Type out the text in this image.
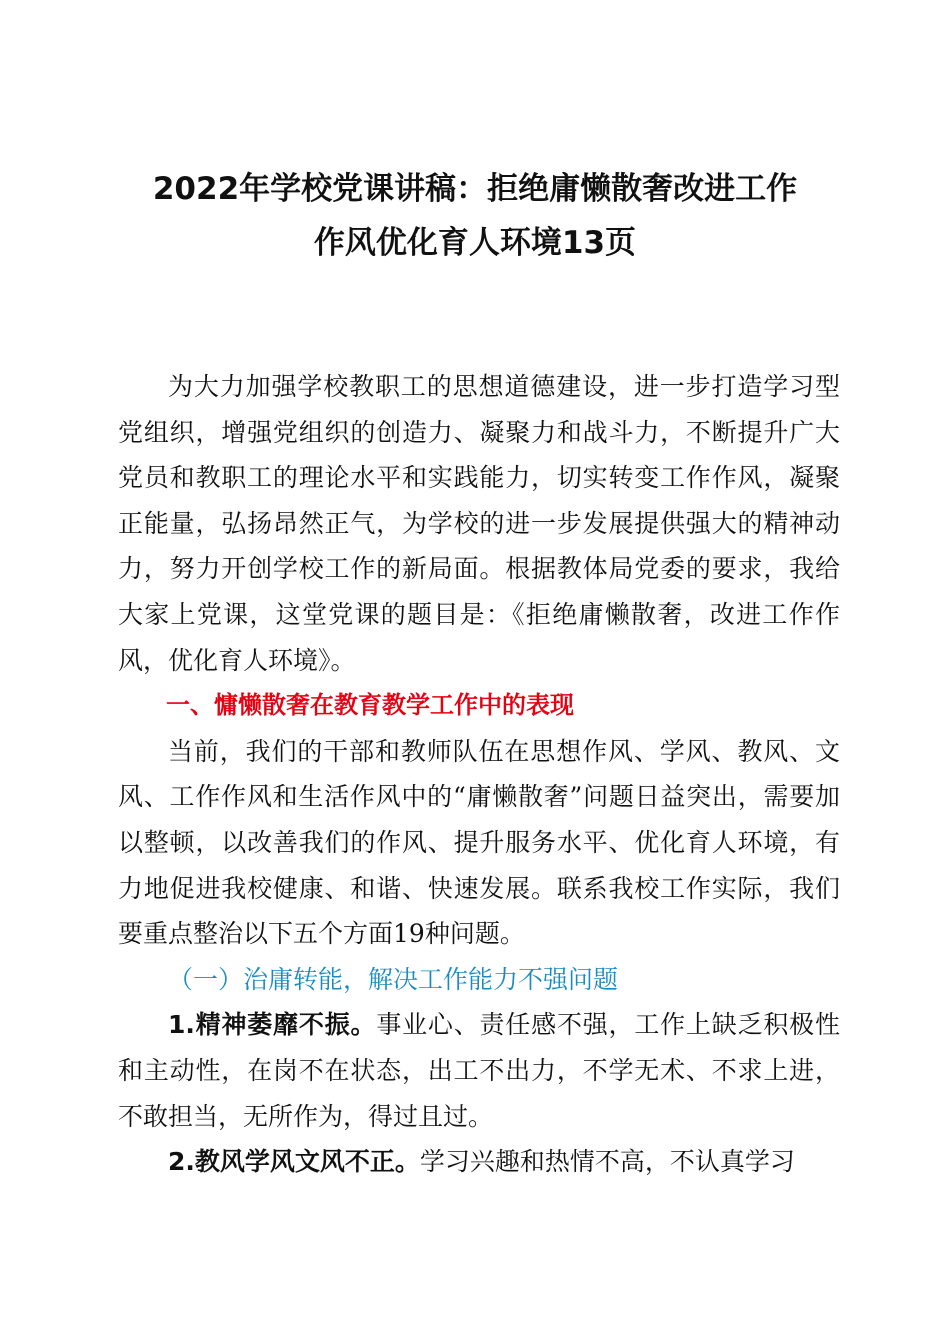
2022年学校党课讲稿：拒绝庸懒散奢改进工作
作风优化育人环境13页

为大力加强学校教职工的思想道德建设，进一步打造学习型党组织，增强党组织的创造力、凝聚力和战斗力，不断提升广大党员和教职工的理论水平和实践能力，切实转变工作作风，凝聚正能量，弘扬昂然正气，为学校的进一步发展提供强大的精神动力，努力开创学校工作的新局面。根据教体局党委的要求，我给大家上党课，这堂党课的题目是：《拒绝庸懒散奢，改进工作作风，优化育人环境》。

一、慵懒散奢在教育教学工作中的表现

当前，我们的干部和教师队伍在思想作风、学风、教风、文风、工作作风和生活作风中的“庸懒散奢”问题日益突出，需要加以整顿，以改善我们的作风、提升服务水平、优化育人环境，有力地促进我校健康、和谐、快速发展。联系我校工作实际，我们要重点整治以下五个方面19种问题。

（一）治庸转能，解决工作能力不强问题

1.精神萎靡不振。事业心、责任感不强，工作上缺乏积极性和主动性，在岗不在状态，出工不出力，不学无术、不求上进，不敢担当，无所作为，得过且过。

2.教风学风文风不正。学习兴趣和热情不高，不认真学习
